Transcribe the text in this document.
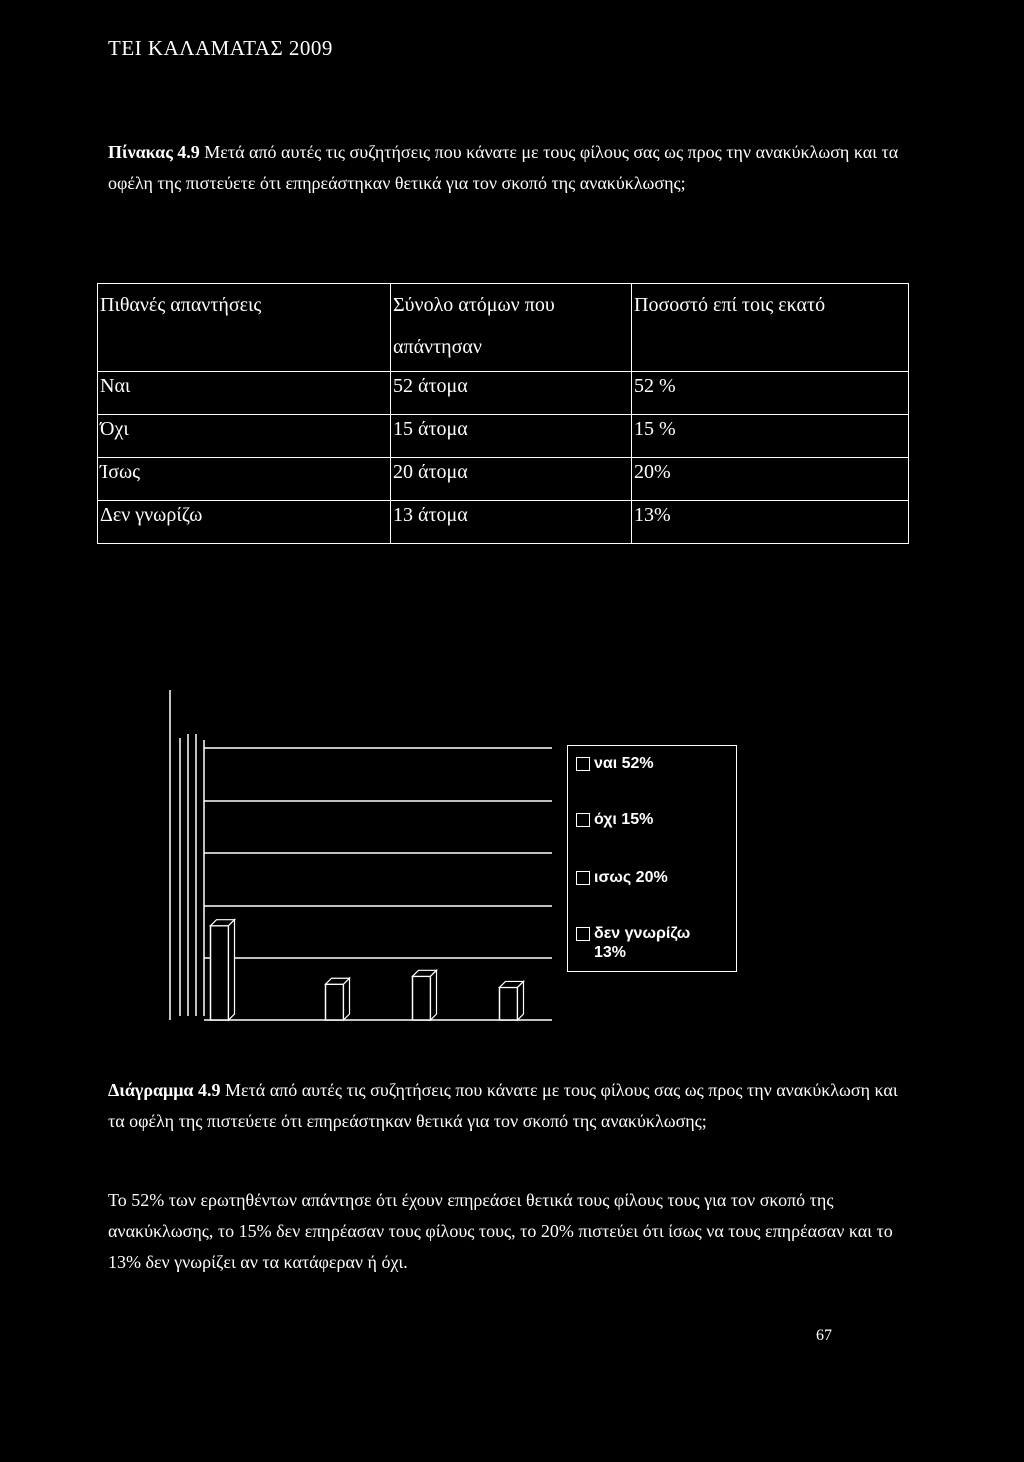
ΤΕΙ ΚΑΛΑΜΑΤΑΣ 2009
Πίνακας 4.9 Μετά από αυτές τις συζητήσεις που κάνατε με τους φίλους σας ως προς την ανακύκλωση και τα οφέλη της πιστεύετε ότι επηρεάστηκαν θετικά για τον σκοπό της ανακύκλωσης;
Πιθανές απαντήσεις	Σύνολο ατόμων που απάντησαν	Ποσοστό επί τοις εκατό
Ναι	52 άτομα	52 %
Όχι	15 άτομα	15 %
Ίσως	20 άτομα	20%
Δεν γνωρίζω	13 άτομα	13%
ναι 52%
όχι 15%
ισως 20%
δεν γνωρίζω 13%
Διάγραμμα 4.9 Μετά από αυτές τις συζητήσεις που κάνατε με τους φίλους σας ως προς την ανακύκλωση και τα οφέλη της πιστεύετε ότι επηρεάστηκαν θετικά για τον σκοπό της ανακύκλωσης;
Το 52% των ερωτηθέντων απάντησε ότι έχουν επηρεάσει θετικά τους φίλους τους για τον σκοπό της ανακύκλωσης, το 15% δεν επηρέασαν τους φίλους τους, το 20% πιστεύει ότι ίσως να τους επηρέασαν και το 13% δεν γνωρίζει αν τα κατάφεραν ή όχι.
67
